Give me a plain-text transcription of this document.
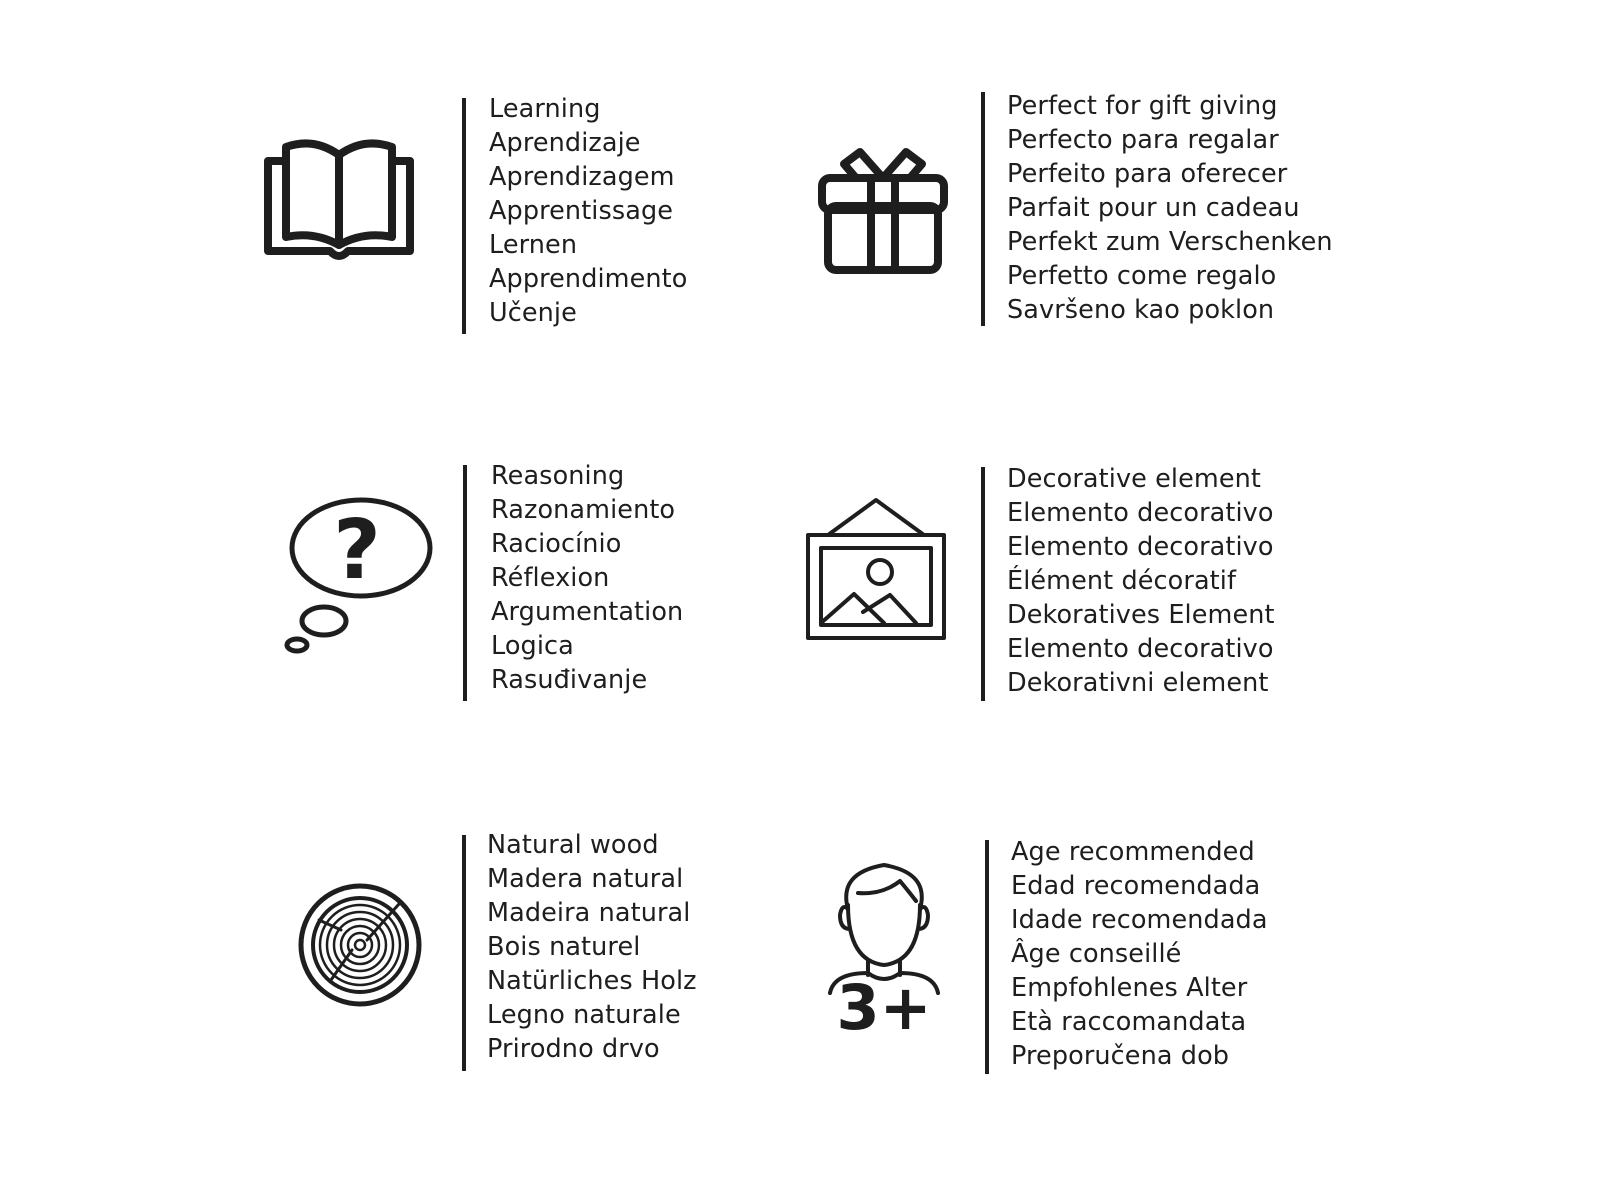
Learning
Aprendizaje
Aprendizagem
Apprentissage
Lernen
Apprendimento
Učenje
Perfect for gift giving
Perfecto para regalar
Perfeito para oferecer
Parfait pour un cadeau
Perfekt zum Verschenken
Perfetto come regalo
Savršeno kao poklon
?
Reasoning
Razonamiento
Raciocínio
Réflexion
Argumentation
Logica
Rasuđivanje
Decorative element
Elemento decorativo
Elemento decorativo
Élément décoratif
Dekoratives Element
Elemento decorativo
Dekorativni element
Natural wood
Madera natural
Madeira natural
Bois naturel
Natürliches Holz
Legno naturale
Prirodno drvo
3+
Age recommended
Edad recomendada
Idade recomendada
Âge conseillé
Empfohlenes Alter
Età raccomandata
Preporučena dob
